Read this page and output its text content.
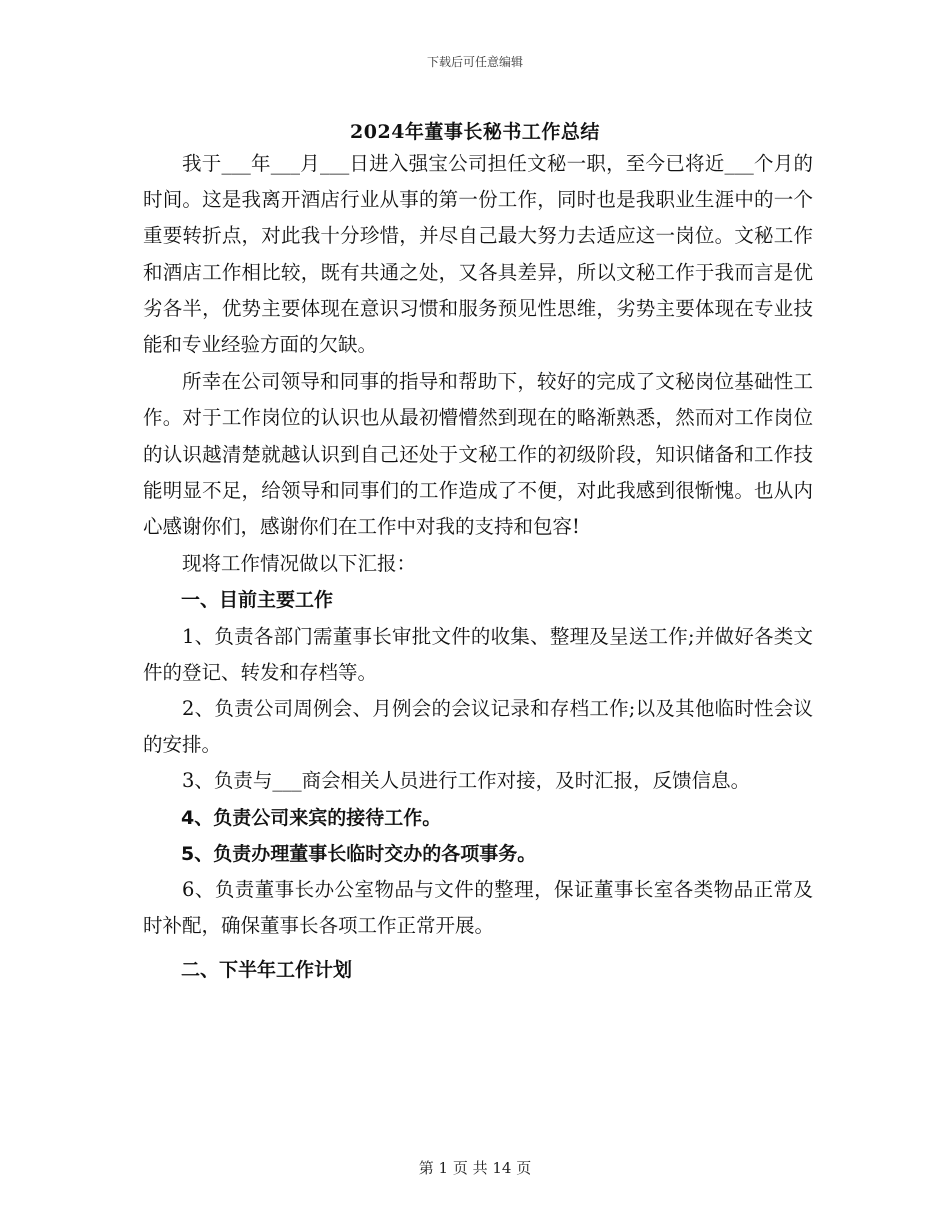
下载后可任意编辑
2024年董事长秘书工作总结

我于___年___月___日进入强宝公司担任文秘一职，至今已将近___个月的时间。这是我离开酒店行业从事的第一份工作，同时也是我职业生涯中的一个重要转折点，对此我十分珍惜，并尽自己最大努力去适应这一岗位。文秘工作和酒店工作相比较，既有共通之处，又各具差异，所以文秘工作于我而言是优劣各半，优势主要体现在意识习惯和服务预见性思维，劣势主要体现在专业技能和专业经验方面的欠缺。

所幸在公司领导和同事的指导和帮助下，较好的完成了文秘岗位基础性工作。对于工作岗位的认识也从最初懵懵然到现在的略渐熟悉，然而对工作岗位的认识越清楚就越认识到自己还处于文秘工作的初级阶段，知识储备和工作技能明显不足，给领导和同事们的工作造成了不便，对此我感到很惭愧。也从内心感谢你们，感谢你们在工作中对我的支持和包容!

现将工作情况做以下汇报：

一、目前主要工作

1、负责各部门需董事长审批文件的收集、整理及呈送工作;并做好各类文件的登记、转发和存档等。

2、负责公司周例会、月例会的会议记录和存档工作;以及其他临时性会议的安排。

3、负责与___商会相关人员进行工作对接，及时汇报，反馈信息。

4、负责公司来宾的接待工作。

5、负责办理董事长临时交办的各项事务。

6、负责董事长办公室物品与文件的整理，保证董事长室各类物品正常及时补配，确保董事长各项工作正常开展。

二、下半年工作计划

第 1 页 共 14 页
